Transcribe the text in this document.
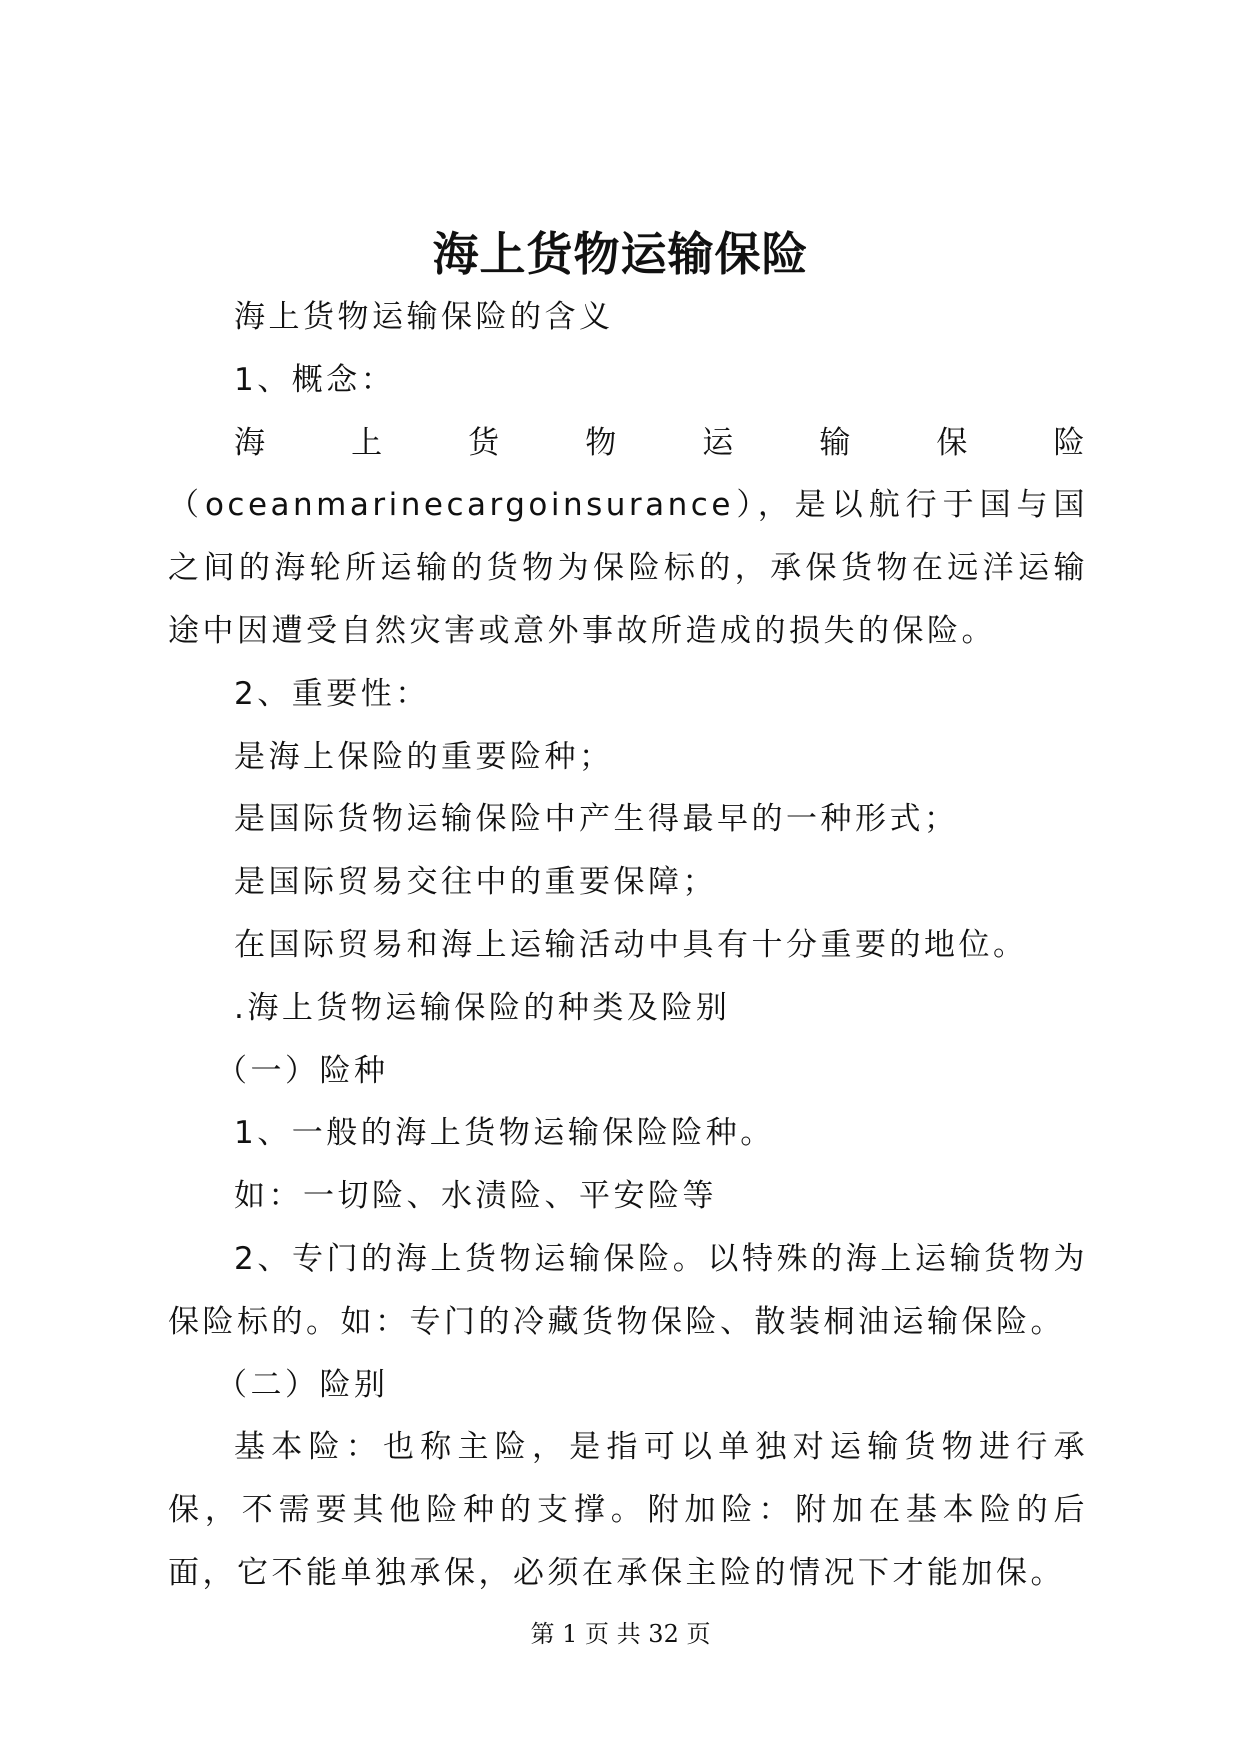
海上货物运输保险

海上货物运输保险的含义

1、概念：

海上货物运输保险（oceanmarinecargoinsurance），是以航行于国与国之间的海轮所运输的货物为保险标的，承保货物在远洋运输途中因遭受自然灾害或意外事故所造成的损失的保险。

2、重要性：

是海上保险的重要险种；

是国际货物运输保险中产生得最早的一种形式；

是国际贸易交往中的重要保障；

在国际贸易和海上运输活动中具有十分重要的地位。

.海上货物运输保险的种类及险别

（一）险种

1、一般的海上货物运输保险险种。

如：一切险、水渍险、平安险等

2、专门的海上货物运输保险。以特殊的海上运输货物为保险标的。如：专门的冷藏货物保险、散装桐油运输保险。

（二）险别

基本险：也称主险，是指可以单独对运输货物进行承保，不需要其他险种的支撑。附加险：附加在基本险的后面，它不能单独承保，必须在承保主险的情况下才能加保。

第 1 页 共 32 页
